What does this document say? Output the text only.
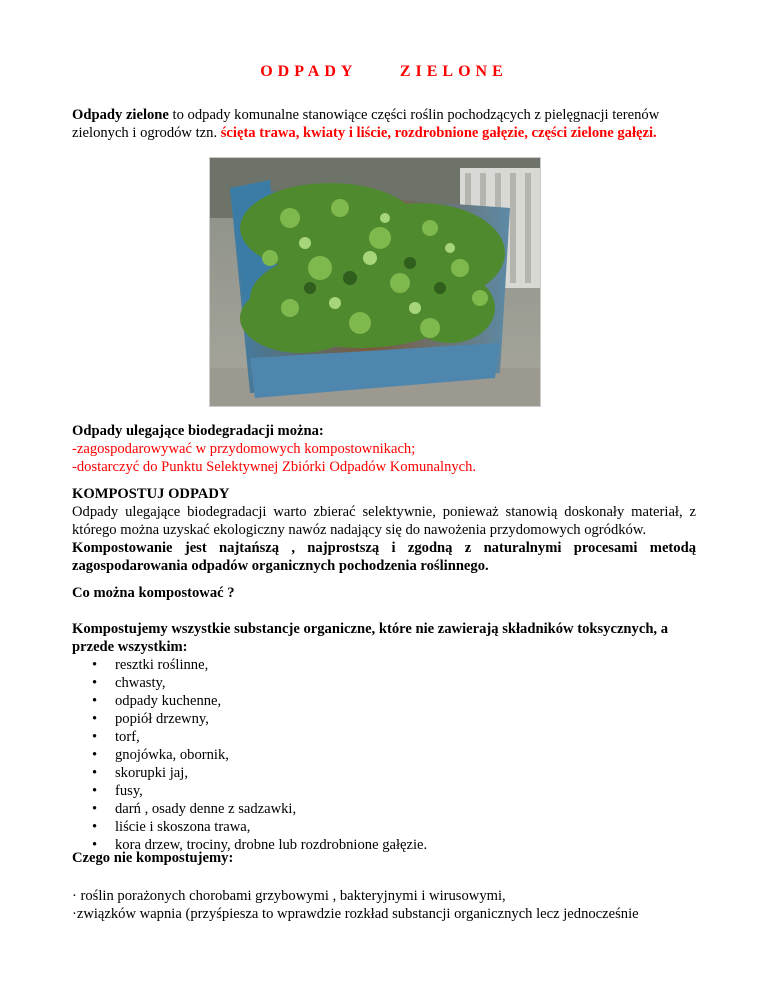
ODPADY ZIELONE

Odpady zielone to odpady komunalne stanowiące części roślin pochodzących z pielęgnacji terenów zielonych i ogrodów tzn. ścięta trawa, kwiaty i liście, rozdrobnione gałęzie, części zielone gałęzi.

Odpady ulegające biodegradacji można:
-zagospodarowywać w przydomowych kompostownikach;
-dostarczyć do Punktu Selektywnej Zbiórki Odpadów Komunalnych.
KOMPOSTUJ ODPADY
Odpady ulegające biodegradacji warto zbierać selektywnie, ponieważ stanowią doskonały materiał, z którego można uzyskać ekologiczny nawóz nadający się do nawożenia przydomowych ogródków.
Kompostowanie jest najtańszą , najprostszą i zgodną z naturalnymi procesami metodą zagospodarowania odpadów organicznych pochodzenia roślinnego.
Co można kompostować ?
Kompostujemy wszystkie substancje organiczne, które nie zawierają składników toksycznych, a przede wszystkim:
• resztki roślinne,
• chwasty,
• odpady kuchenne,
• popiół drzewny,
• torf,
• gnojówka, obornik,
• skorupki jaj,
• fusy,
• darń , osady denne z sadzawki,
• liście i skoszona trawa,
• kora drzew, trociny, drobne lub rozdrobnione gałęzie.
Czego nie kompostujemy:
· roślin porażonych chorobami grzybowymi , bakteryjnymi i wirusowymi,
·związków wapnia (przyśpiesza to wprawdzie rozkład substancji organicznych lecz jednocześnie
